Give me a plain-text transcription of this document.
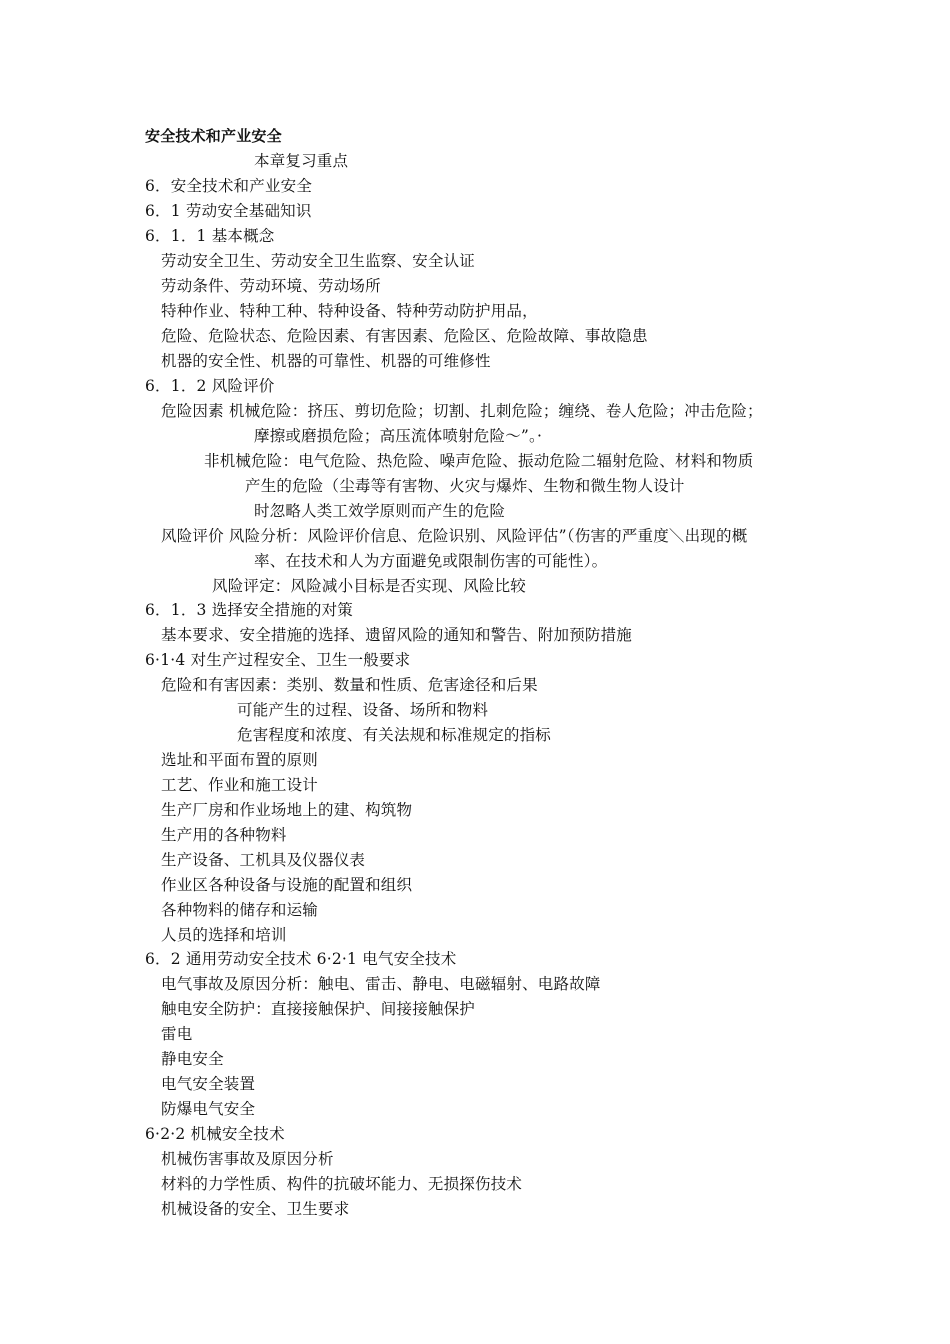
安全技术和产业安全
本章复习重点
6．安全技术和产业安全
6．1 劳动安全基础知识
6．1．1 基本概念
劳动安全卫生、劳动安全卫生监察、安全认证
劳动条件、劳动环境、劳动场所
特种作业、特种工种、特种设备、特种劳动防护用品，
危险、危险状态、危险因素、有害因素、危险区、危险故障、事故隐患
机器的安全性、机器的可靠性、机器的可维修性
6．1．2 风险评价
危险因素 机械危险：挤压、剪切危险；切割、扎刺危险；缠绕、卷人危险；冲击危险；
摩擦或磨损危险；高压流体喷射危险～”。·
非机械危险：电气危险、热危险、噪声危险、振动危险二辐射危险、材料和物质
产生的危险（尘毒等有害物、火灾与爆炸、生物和微生物人设计
时忽略人类工效学原则而产生的危险
风险评价 风险分析：风险评价信息、危险识别、风险评估”（伤害的严重度＼出现的概
率、在技术和人为方面避免或限制伤害的可能性）。
风险评定：风险减小目标是否实现、风险比较
6．1．3 选择安全措施的对策
基本要求、安全措施的选择、遗留风险的通知和警告、附加预防措施
6·1·4 对生产过程安全、卫生一般要求
危险和有害因素：类别、数量和性质、危害途径和后果
可能产生的过程、设备、场所和物料
危害程度和浓度、有关法规和标准规定的指标
选址和平面布置的原则
工艺、作业和施工设计
生产厂房和作业场地上的建、构筑物
生产用的各种物料
生产设备、工机具及仪器仪表
作业区各种设备与设施的配置和组织
各种物料的储存和运输
人员的选择和培训
6．2 通用劳动安全技术 6·2·1 电气安全技术
电气事故及原因分析：触电、雷击、静电、电磁辐射、电路故障
触电安全防护：直接接触保护、间接接触保护
雷电
静电安全
电气安全装置
防爆电气安全
6·2·2 机械安全技术
机械伤害事故及原因分析
材料的力学性质、构件的抗破坏能力、无损探伤技术
机械设备的安全、卫生要求
